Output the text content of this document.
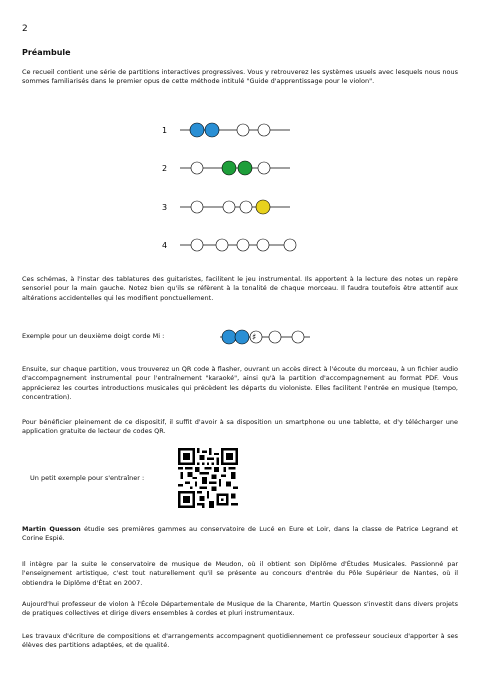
2
Préambule

Ce recueil contient une série de partitions interactives progressives. Vous y retrouverez les systèmes usuels avec lesquels nous nous sommes familiarisés dans le premier opus de cette méthode intitulé "Guide d'apprentissage pour le violon".

1
2
3
4
♯

Ces schémas, à l'instar des tablatures des guitaristes, facilitent le jeu instrumental. Ils apportent à la lecture des notes un repère sensoriel pour la main gauche. Notez bien qu'ils se réfèrent à la tonalité de chaque morceau. Il faudra toutefois être attentif aux altérations accidentelles qui les modifient ponctuellement.

Exemple pour un deuxième doigt corde Mi :

Ensuite, sur chaque partition, vous trouverez un QR code à flasher, ouvrant un accès direct à l'écoute du morceau, à un fichier audio d'accompagnement instrumental pour l'entraînement "karaoké", ainsi qu'à la partition d'accompagnement au format PDF. Vous apprécierez les courtes introductions musicales qui précèdent les départs du violoniste. Elles facilitent l'entrée en musique (tempo, concentration).

Pour bénéficier pleinement de ce dispositif, il suffit d'avoir à sa disposition un smartphone ou une tablette, et d'y télécharger une application gratuite de lecteur de codes QR.

Un petit exemple pour s'entraîner :

Martin Quesson étudie ses premières gammes au conservatoire de Lucé en Eure et Loir, dans la classe de Patrice Legrand et Corine Espié.

Il intègre par la suite le conservatoire de musique de Meudon, où il obtient son Diplôme d'Études Musicales. Passionné par l'enseignement artistique, c'est tout naturellement qu'il se présente au concours d'entrée du Pôle Supérieur de Nantes, où il obtiendra le Diplôme d'État en 2007.

Aujourd'hui professeur de violon à l'École Départementale de Musique de la Charente, Martin Quesson s'investit dans divers projets de pratiques collectives et dirige divers ensembles à cordes et pluri instrumentaux.

Les travaux d'écriture de compositions et d'arrangements accompagnent quotidiennement ce professeur soucieux d'apporter à ses élèves des partitions adaptées, et de qualité.
